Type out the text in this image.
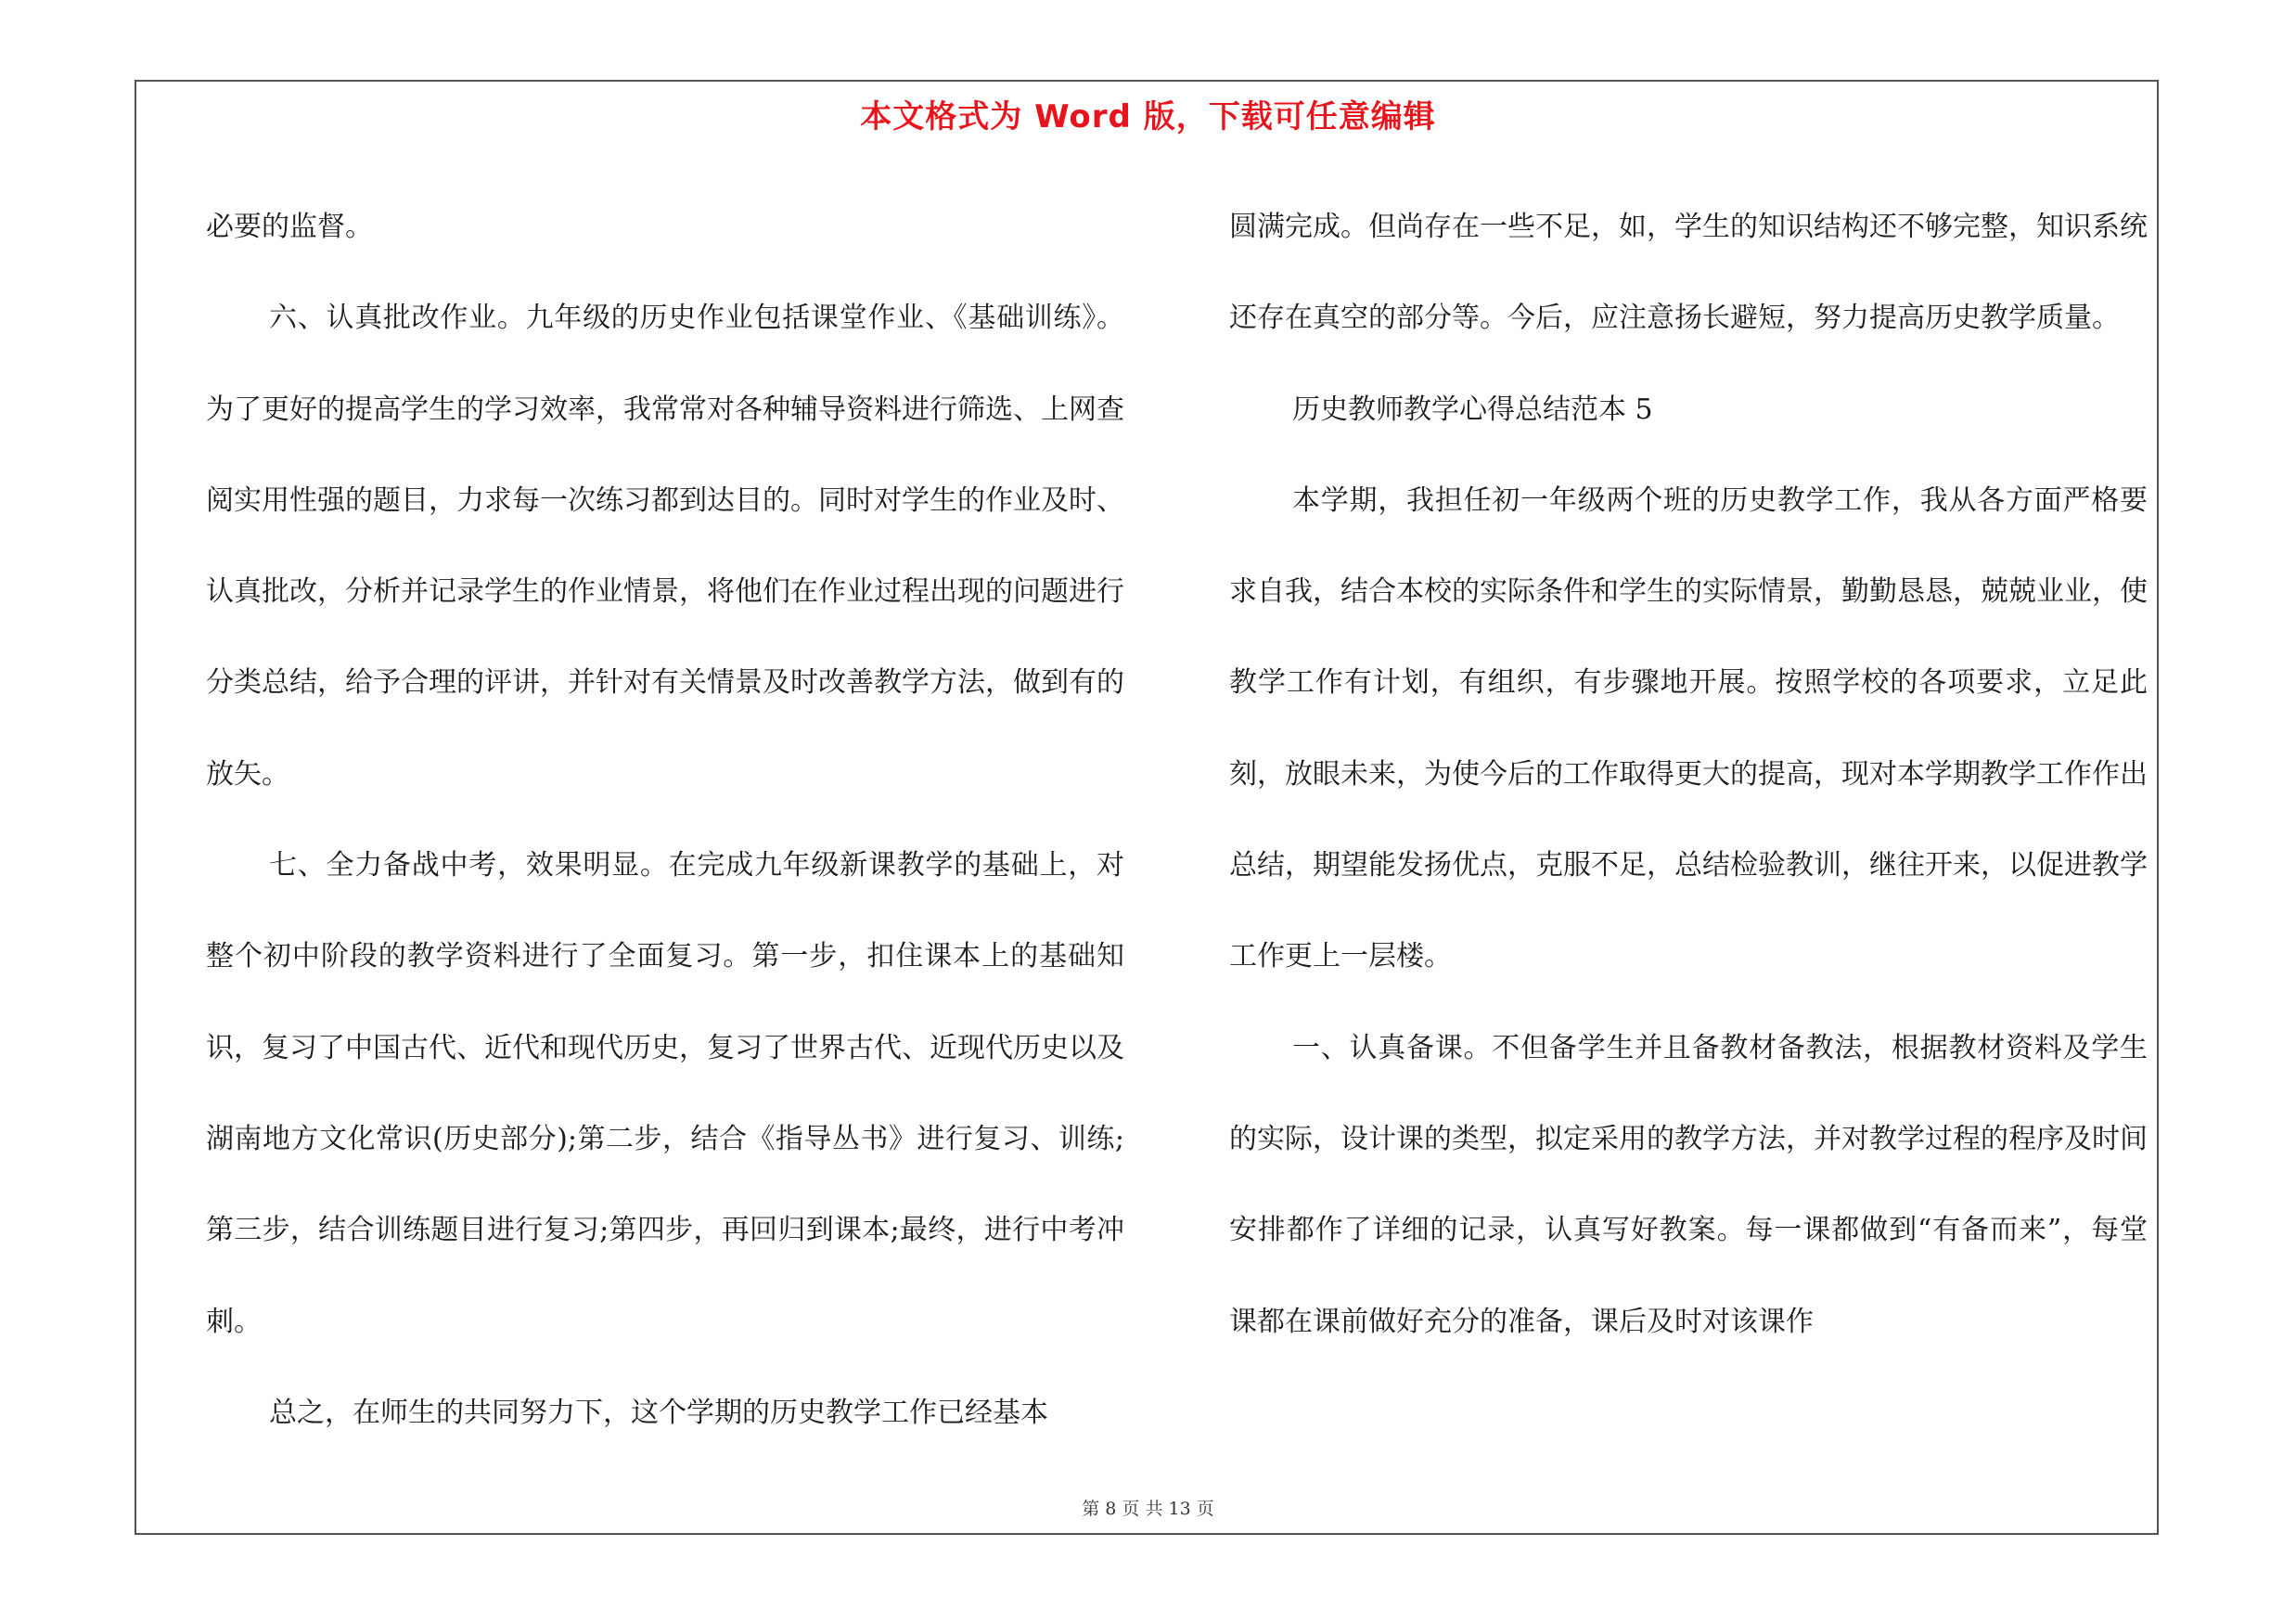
本文格式为 Word 版，下载可任意编辑

必要的监督。

六、认真批改作业。九年级的历史作业包括课堂作业、《基础训练》。为了更好的提高学生的学习效率，我常常对各种辅导资料进行筛选、上网查阅实用性强的题目，力求每一次练习都到达目的。同时对学生的作业及时、认真批改，分析并记录学生的作业情景，将他们在作业过程出现的问题进行分类总结，给予合理的评讲，并针对有关情景及时改善教学方法，做到有的放矢。

七、全力备战中考，效果明显。在完成九年级新课教学的基础上，对整个初中阶段的教学资料进行了全面复习。第一步，扣住课本上的基础知识，复习了中国古代、近代和现代历史，复习了世界古代、近现代历史以及湖南地方文化常识(历史部分);第二步，结合《指导丛书》进行复习、训练;第三步，结合训练题目进行复习;第四步，再回归到课本;最终，进行中考冲刺。

总之，在师生的共同努力下，这个学期的历史教学工作已经基本

圆满完成。但尚存在一些不足，如，学生的知识结构还不够完整，知识系统还存在真空的部分等。今后，应注意扬长避短，努力提高历史教学质量。

历史教师教学心得总结范本 5

本学期，我担任初一年级两个班的历史教学工作，我从各方面严格要求自我，结合本校的实际条件和学生的实际情景，勤勤恳恳，兢兢业业，使教学工作有计划，有组织，有步骤地开展。按照学校的各项要求，立足此刻，放眼未来，为使今后的工作取得更大的提高，现对本学期教学工作作出总结，期望能发扬优点，克服不足，总结检验教训，继往开来，以促进教学工作更上一层楼。

一、认真备课。不但备学生并且备教材备教法，根据教材资料及学生的实际，设计课的类型，拟定采用的教学方法，并对教学过程的程序及时间安排都作了详细的记录，认真写好教案。每一课都做到“有备而来”，每堂课都在课前做好充分的准备，课后及时对该课作

第 8 页 共 13 页
